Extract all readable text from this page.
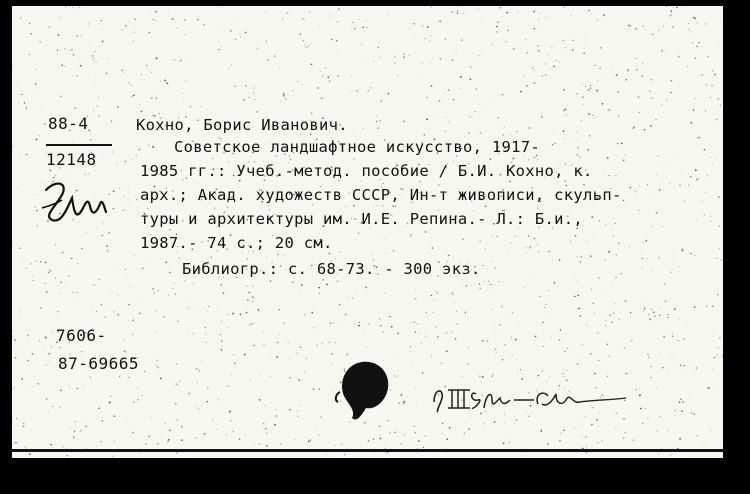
88-4
12148
Кохно, Борис Иванович.
Советское ландшафтное искусство, 1917-
1985 гг.: Учеб.-метод. пособие / Б.И. Кохно, к.
арх.; Акад. художеств СССР, Ин-т живописи, скульп-
туры и архитектуры им. И.Е. Репина.- Л.: Б.и.,
1987.- 74 с.; 20 см.
Библиогр.: с. 68-73. - 300 экз.
7606-
87-69665
